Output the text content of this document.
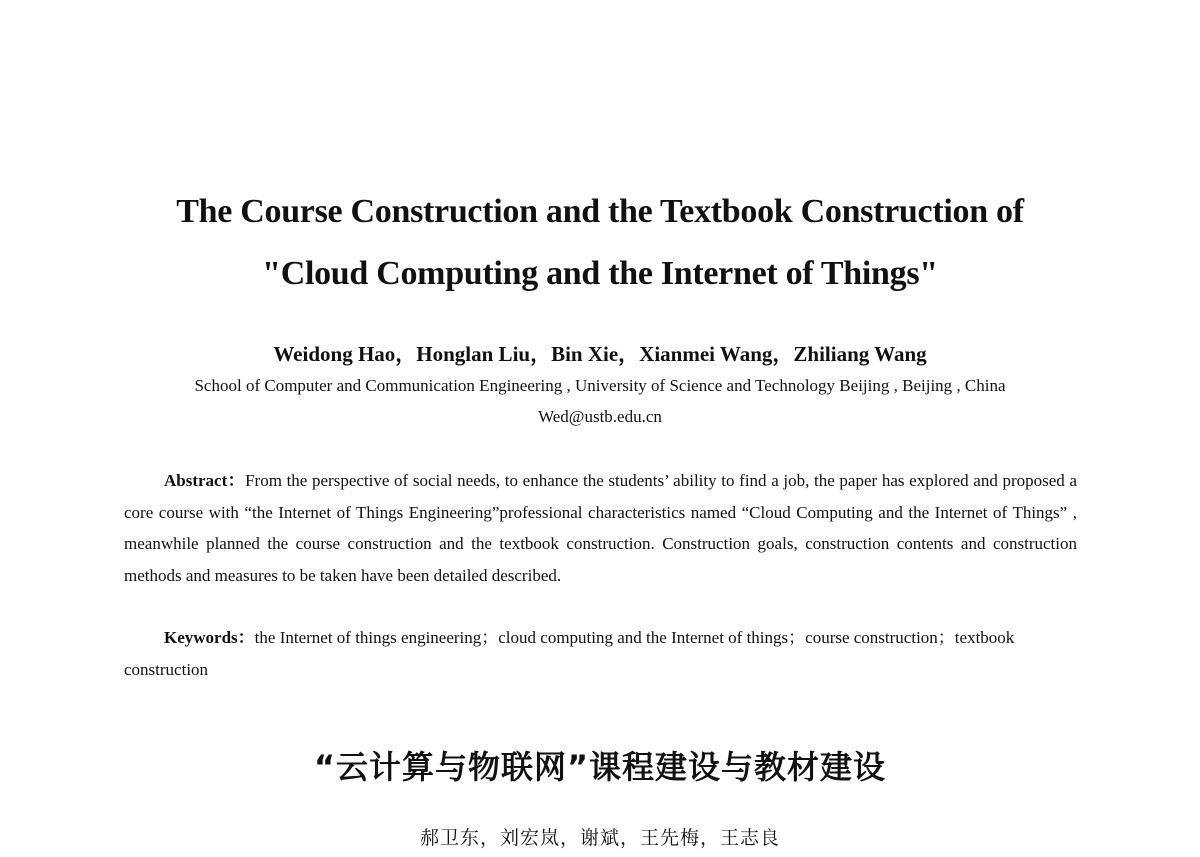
The Course Construction and the Textbook Construction of
"Cloud Computing and the Internet of Things"
Weidong Hao，Honglan Liu，Bin Xie，Xianmei Wang，Zhiliang Wang
School of Computer and Communication Engineering , University of Science and Technology Beijing , Beijing , China
Wed@ustb.edu.cn

Abstract：From the perspective of social needs, to enhance the students’ ability to find a job, the paper has explored and proposed a core course with “the Internet of Things Engineering”professional characteristics named “Cloud Computing and the Internet of Things” , meanwhile planned the course construction and the textbook construction. Construction goals, construction contents and construction methods and measures to be taken have been detailed described.

Keywords：the Internet of things engineering；cloud computing and the Internet of things；course construction；textbook construction

“云计算与物联网”课程建设与教材建设
郝卫东，刘宏岚，谢斌，王先梅，王志良
